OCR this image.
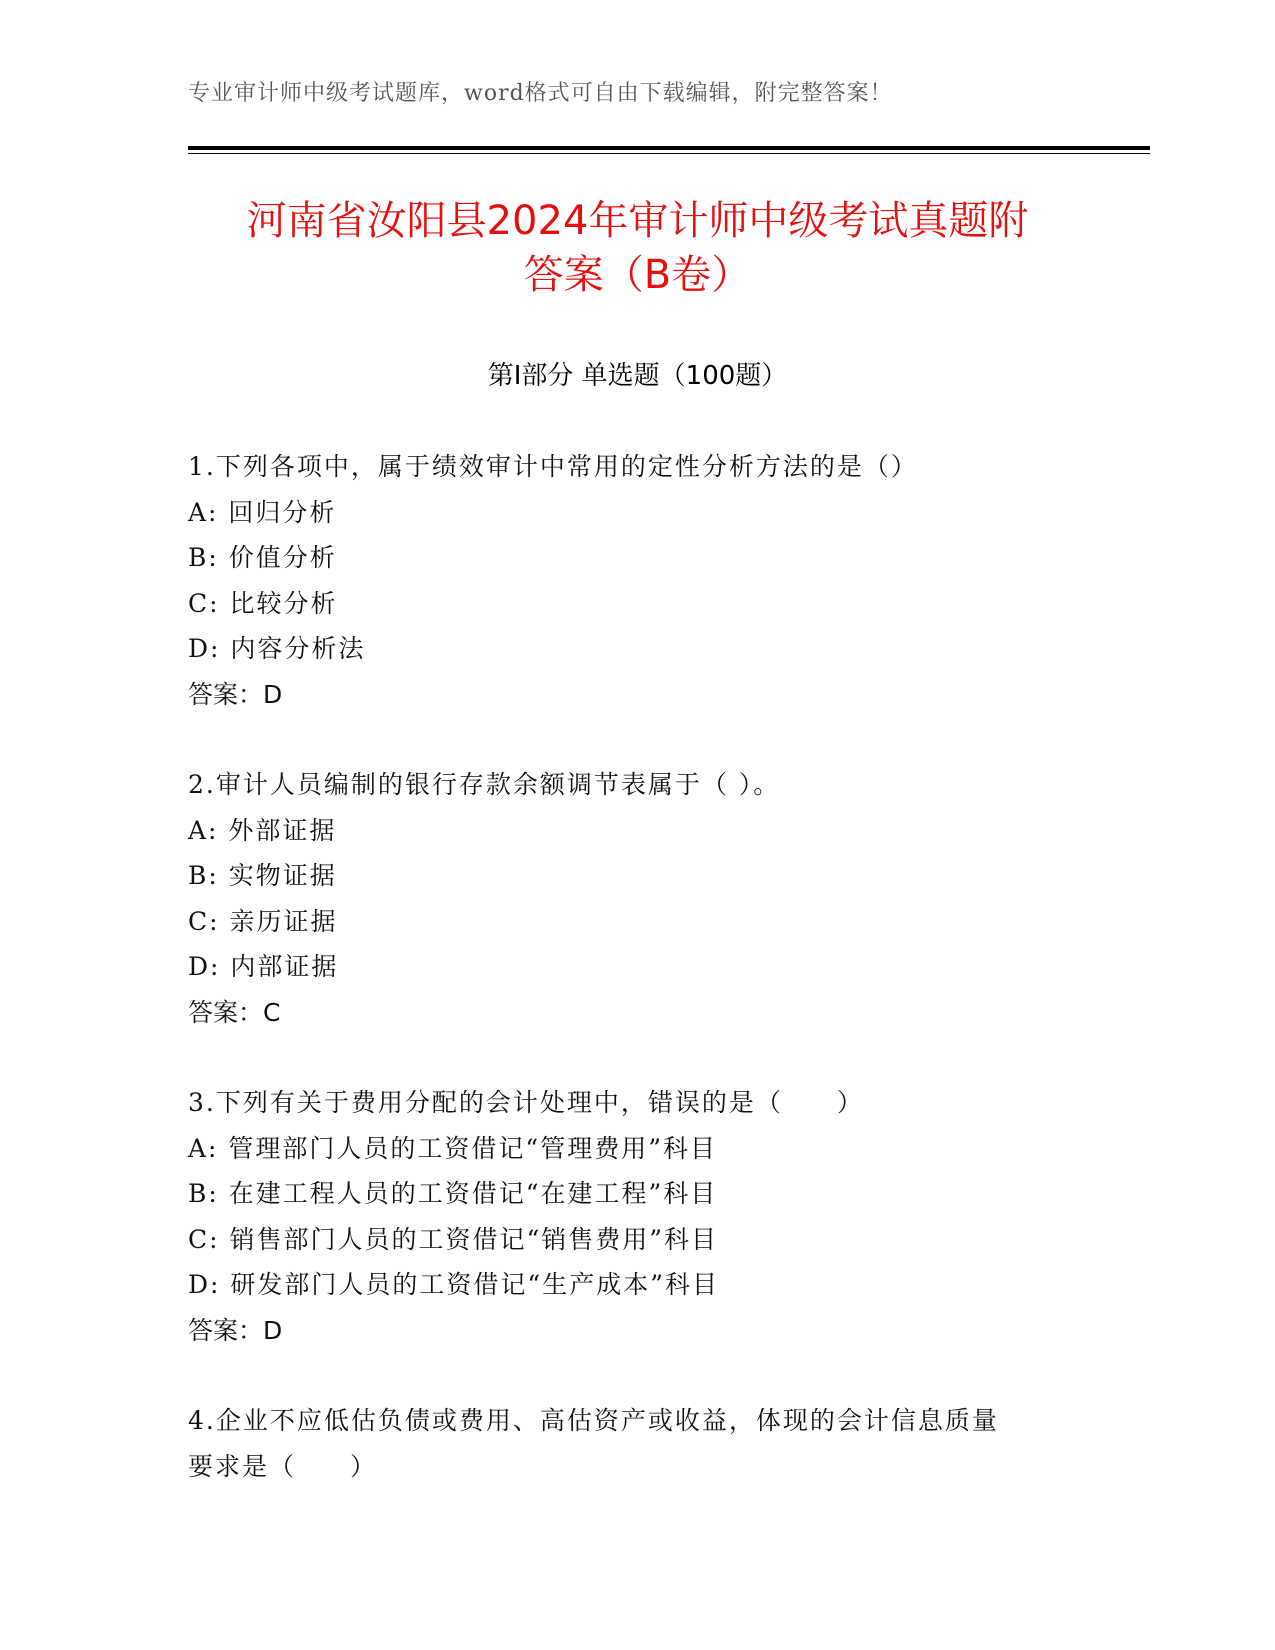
专业审计师中级考试题库，word格式可自由下载编辑，附完整答案！
河南省汝阳县2024年审计师中级考试真题附
答案（B卷）
第Ⅰ部分 单选题（100题）
1.下列各项中，属于绩效审计中常用的定性分析方法的是（）
A: 回归分析
B: 价值分析
C: 比较分析
D: 内容分析法
答案：D
2.审计人员编制的银行存款余额调节表属于（ ）。
A: 外部证据
B: 实物证据
C: 亲历证据
D: 内部证据
答案：C
3.下列有关于费用分配的会计处理中，错误的是（　　）
A: 管理部门人员的工资借记“管理费用”科目
B: 在建工程人员的工资借记“在建工程”科目
C: 销售部门人员的工资借记“销售费用”科目
D: 研发部门人员的工资借记“生产成本”科目
答案：D
4.企业不应低估负债或费用、高估资产或收益，体现的会计信息质量
要求是（　　）
